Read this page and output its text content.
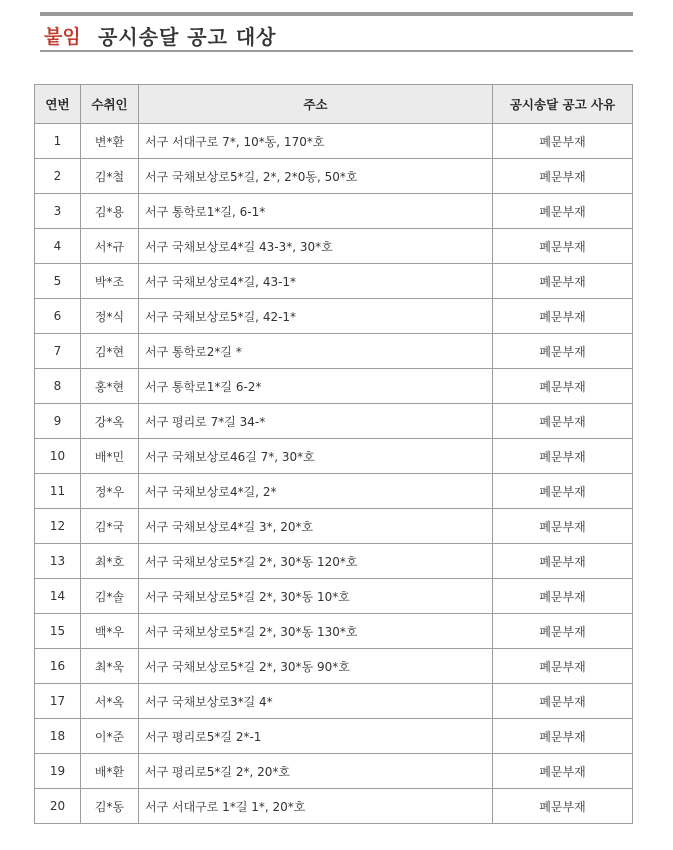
붙임 공시송달 공고 대상
연번	수취인	주소	공시송달 공고 사유
1	변*환	서구 서대구로 7*, 10*동, 170*호	폐문부재
2	김*철	서구 국채보상로5*길, 2*, 2*0동, 50*호	폐문부재
3	김*용	서구 통학로1*길, 6-1*	폐문부재
4	서*규	서구 국채보상로4*길 43-3*, 30*호	폐문부재
5	박*조	서구 국채보상로4*길, 43-1*	폐문부재
6	정*식	서구 국채보상로5*길, 42-1*	폐문부재
7	김*현	서구 통학로2*길 *	폐문부재
8	홍*현	서구 통학로1*길 6-2*	폐문부재
9	강*옥	서구 평리로 7*길 34-*	폐문부재
10	배*민	서구 국채보상로46길 7*, 30*호	폐문부재
11	정*우	서구 국채보상로4*길, 2*	폐문부재
12	김*국	서구 국채보상로4*길 3*, 20*호	폐문부재
13	최*호	서구 국채보상로5*길 2*, 30*동 120*호	폐문부재
14	김*솔	서구 국채보상로5*길 2*, 30*동 10*호	폐문부재
15	백*우	서구 국채보상로5*길 2*, 30*동 130*호	폐문부재
16	최*욱	서구 국채보상로5*길 2*, 30*동 90*호	폐문부재
17	서*옥	서구 국채보상로3*길 4*	폐문부재
18	이*준	서구 평리로5*길 2*-1	폐문부재
19	배*환	서구 평리로5*길 2*, 20*호	폐문부재
20	김*동	서구 서대구로 1*길 1*, 20*호	폐문부재
